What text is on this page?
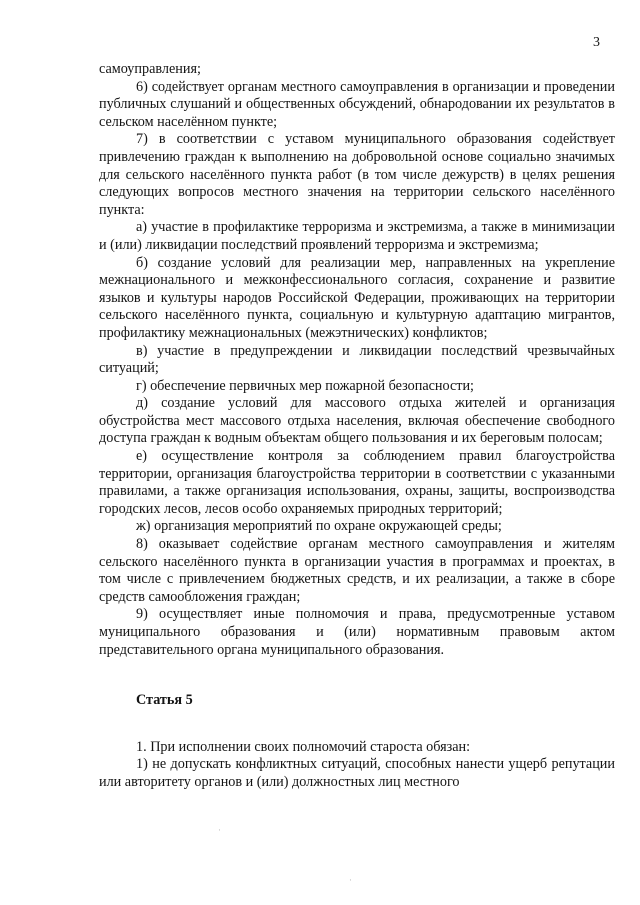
3

самоуправления;

6) содействует органам местного самоуправления в организации и проведении публичных слушаний и общественных обсуждений, обнародовании их результатов в сельском населённом пункте;

7) в соответствии с уставом муниципального образования содействует привлечению граждан к выполнению на добровольной основе социально значимых для сельского населённого пункта работ (в том числе дежурств) в целях решения следующих вопросов местного значения на территории сельского населённого пункта:

а) участие в профилактике терроризма и экстремизма, а также в минимизации и (или) ликвидации последствий проявлений терроризма и экстремизма;

б) создание условий для реализации мер, направленных на укрепление межнационального и межконфессионального согласия, сохранение и развитие языков и культуры народов Российской Федерации, проживающих на территории сельского населённого пункта, социальную и культурную адаптацию мигрантов, профилактику межнациональных (межэтнических) конфликтов;

в) участие в предупреждении и ликвидации последствий чрезвычайных ситуаций;

г) обеспечение первичных мер пожарной безопасности;

д) создание условий для массового отдыха жителей и организация обустройства мест массового отдыха населения, включая обеспечение свободного доступа граждан к водным объектам общего пользования и их береговым полосам;

е) осуществление контроля за соблюдением правил благоустройства территории, организация благоустройства территории в соответствии с указанными правилами, а также организация использования, охраны, защиты, воспроизводства городских лесов, лесов особо охраняемых природных территорий;

ж) организация мероприятий по охране окружающей среды;

8) оказывает содействие органам местного самоуправления и жителям сельского населённого пункта в организации участия в программах и проектах, в том числе с привлечением бюджетных средств, и их реализации, а также в сборе средств самообложения граждан;

9) осуществляет иные полномочия и права, предусмотренные уставом муниципального образования и (или) нормативным правовым актом представительного органа муниципального образования.

Статья 5

1. При исполнении своих полномочий староста обязан:

1) не допускать конфликтных ситуаций, способных нанести ущерб репутации или авторитету органов и (или) должностных лиц местного

·
·
